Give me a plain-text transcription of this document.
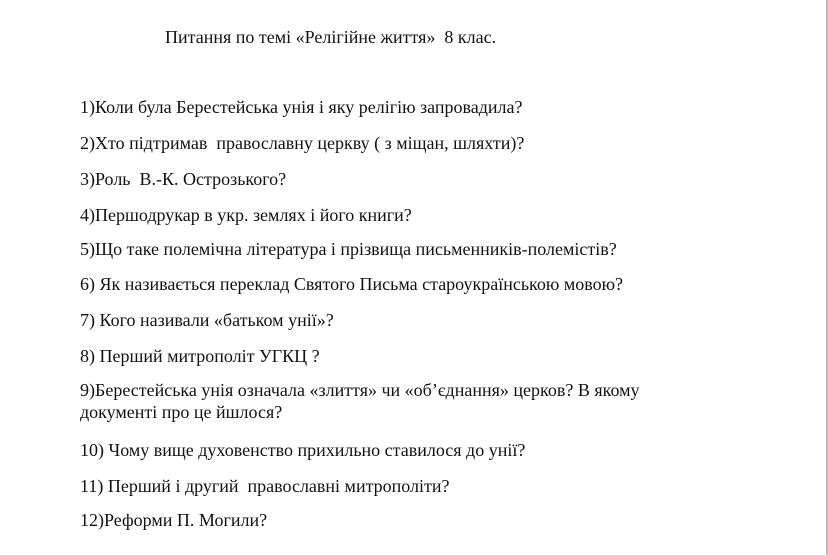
Питання по темі «Релігійне життя»  8 клас.
1)Коли була Берестейська унія і яку релігію запровадила?
2)Хто підтримав  православну церкву ( з міщан, шляхти)?
3)Роль  В.-К. Острозького?
4)Першодрукар в укр. землях і його книги?
5)Що таке полемічна література і прізвища письменників-полемістів?
6) Як називається переклад Святого Письма староукраїнською мовою?
7) Кого називали «батьком унії»?
8) Перший митрополіт УГКЦ ?
9)Берестейська унія означала «злиття» чи «об’єднання» церков? В якому
документі про це йшлося?
10) Чому вище духовенство прихильно ставилося до унії?
11) Перший і другий  православні митрополіти?
12)Реформи П. Могили?
